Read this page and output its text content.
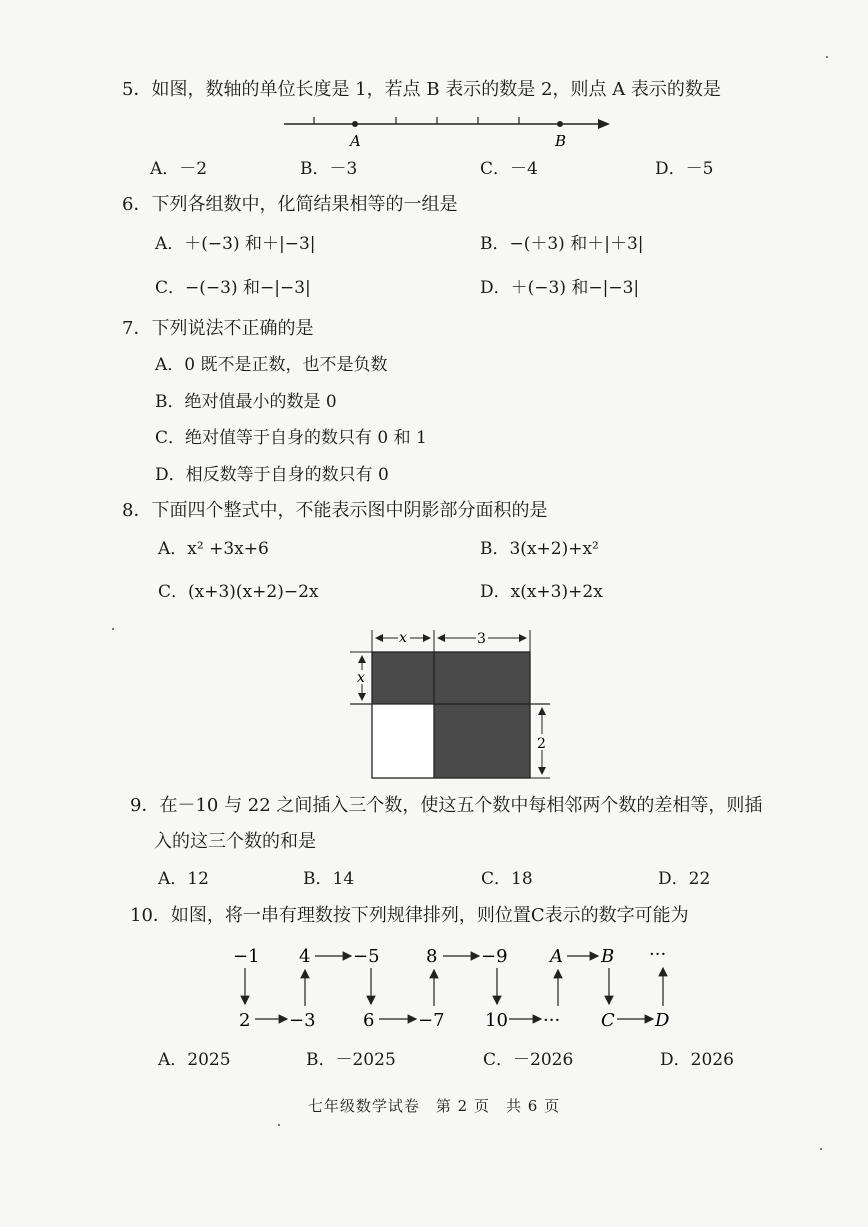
5．如图，数轴的单位长度是 1，若点 B 表示的数是 2，则点 A 表示的数是
A	B
A．－2	B．－3	C．－4	D．－5
6．下列各组数中，化简结果相等的一组是
A．＋(−3) 和＋|−3|	B．−(＋3) 和＋|＋3|
C．−(−3) 和−|−3|	D．＋(−3) 和−|−3|
7．下列说法不正确的是
A．0 既不是正数，也不是负数
B．绝对值最小的数是 0
C．绝对值等于自身的数只有 0 和 1
D．相反数等于自身的数只有 0
8．下面四个整式中，不能表示图中阴影部分面积的是
A．x² +3x+6	B．3(x+2)+x²
C．(x+3)(x+2)−2x	D．x(x+3)+2x
x	3
x
2
9．在－10 与 22 之间插入三个数，使这五个数中每相邻两个数的差相等，则插
入的这三个数的和是
A．12	B．14	C．18	D．22
10．如图，将一串有理数按下列规律排列，则位置C表示的数字可能为
−1 4 −5	8 −9 A B ···
2 −3	6 −7 10 ··· C D
A．2025	B．－2025	C．－2026	D．2026
七年级数学试卷　第 2 页　共 6 页
